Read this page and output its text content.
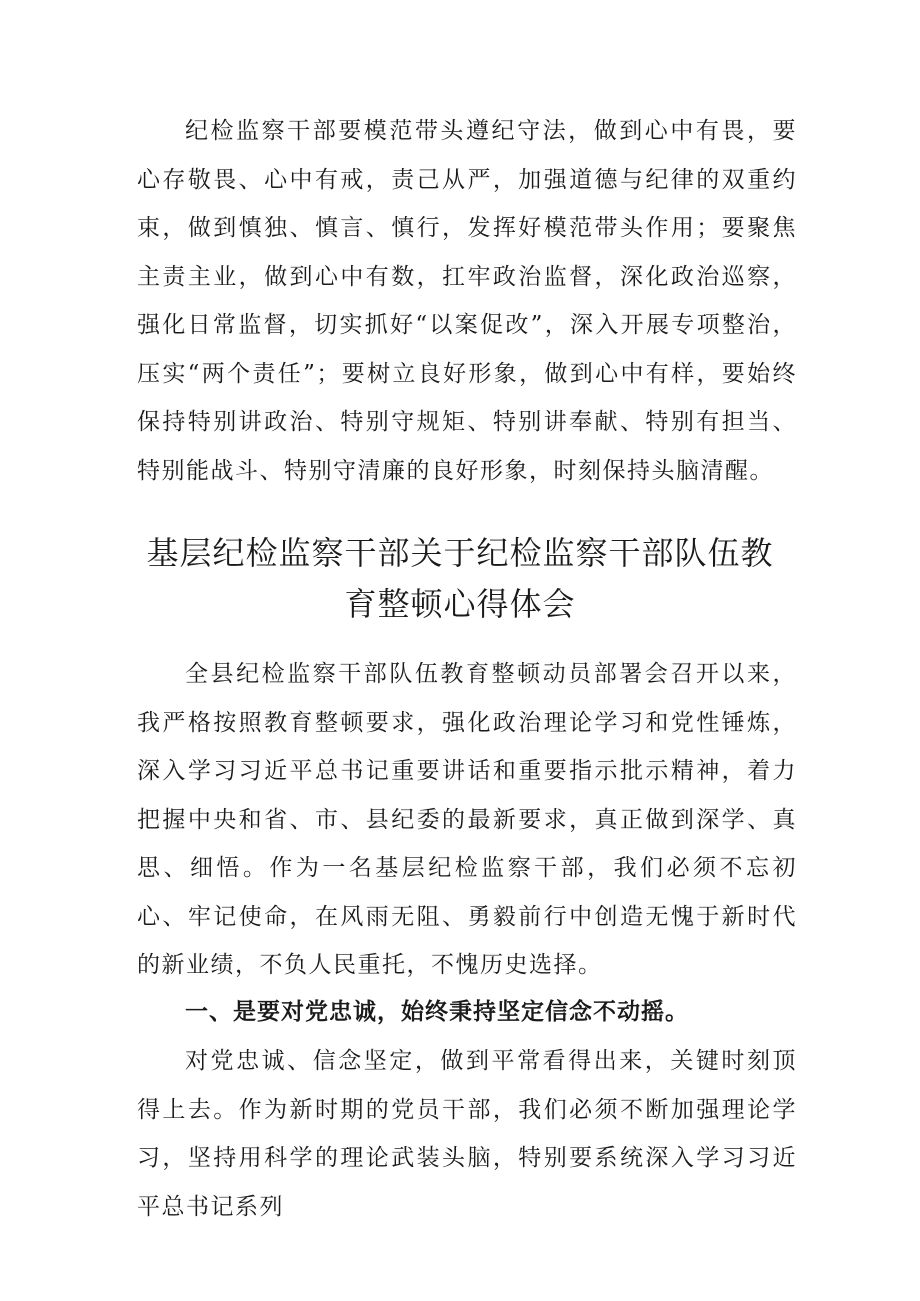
纪检监察干部要模范带头遵纪守法，做到心中有畏，要心存敬畏、心中有戒，责己从严，加强道德与纪律的双重约束，做到慎独、慎言、慎行，发挥好模范带头作用；要聚焦主责主业，做到心中有数，扛牢政治监督，深化政治巡察，强化日常监督，切实抓好“以案促改”，深入开展专项整治，压实“两个责任”；要树立良好形象，做到心中有样，要始终保持特别讲政治、特别守规矩、特别讲奉献、特别有担当、特别能战斗、特别守清廉的良好形象，时刻保持头脑清醒。

基层纪检监察干部关于纪检监察干部队伍教
育整顿心得体会

全县纪检监察干部队伍教育整顿动员部署会召开以来，我严格按照教育整顿要求，强化政治理论学习和党性锤炼，深入学习习近平总书记重要讲话和重要指示批示精神，着力把握中央和省、市、县纪委的最新要求，真正做到深学、真思、细悟。作为一名基层纪检监察干部，我们必须不忘初心、牢记使命，在风雨无阻、勇毅前行中创造无愧于新时代的新业绩，不负人民重托，不愧历史选择。

一、是要对党忠诚，始终秉持坚定信念不动摇。

对党忠诚、信念坚定，做到平常看得出来，关键时刻顶得上去。作为新时期的党员干部，我们必须不断加强理论学习，坚持用科学的理论武装头脑，特别要系统深入学习习近平总书记系列
